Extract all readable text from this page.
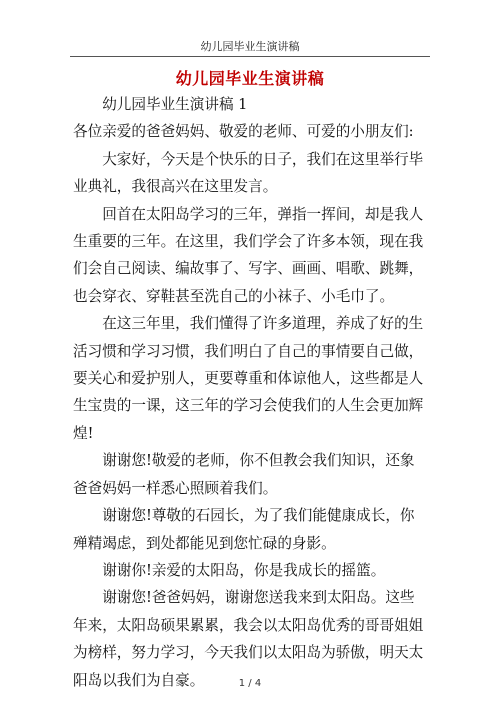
幼儿园毕业生演讲稿
幼儿园毕业生演讲稿

幼儿园毕业生演讲稿 1

各位亲爱的爸爸妈妈、敬爱的老师、可爱的小朋友们:

大家好，今天是个快乐的日子，我们在这里举行毕业典礼，我很高兴在这里发言。

回首在太阳岛学习的三年，弹指一挥间，却是我人生重要的三年。在这里，我们学会了许多本领，现在我们会自己阅读、编故事了、写字、画画、唱歌、跳舞，也会穿衣、穿鞋甚至洗自己的小袜子、小毛巾了。

在这三年里，我们懂得了许多道理，养成了好的生活习惯和学习习惯，我们明白了自己的事情要自己做，要关心和爱护别人，更要尊重和体谅他人，这些都是人生宝贵的一课，这三年的学习会使我们的人生会更加辉煌!

谢谢您!敬爱的老师，你不但教会我们知识，还象爸爸妈妈一样悉心照顾着我们。

谢谢您!尊敬的石园长，为了我们能健康成长，你殚精竭虑，到处都能见到您忙碌的身影。

谢谢你!亲爱的太阳岛，你是我成长的摇篮。

谢谢您!爸爸妈妈，谢谢您送我来到太阳岛。这些年来，太阳岛硕果累累，我会以太阳岛优秀的哥哥姐姐为榜样，努力学习，今天我们以太阳岛为骄傲，明天太阳岛以我们为自豪。	1 / 4
